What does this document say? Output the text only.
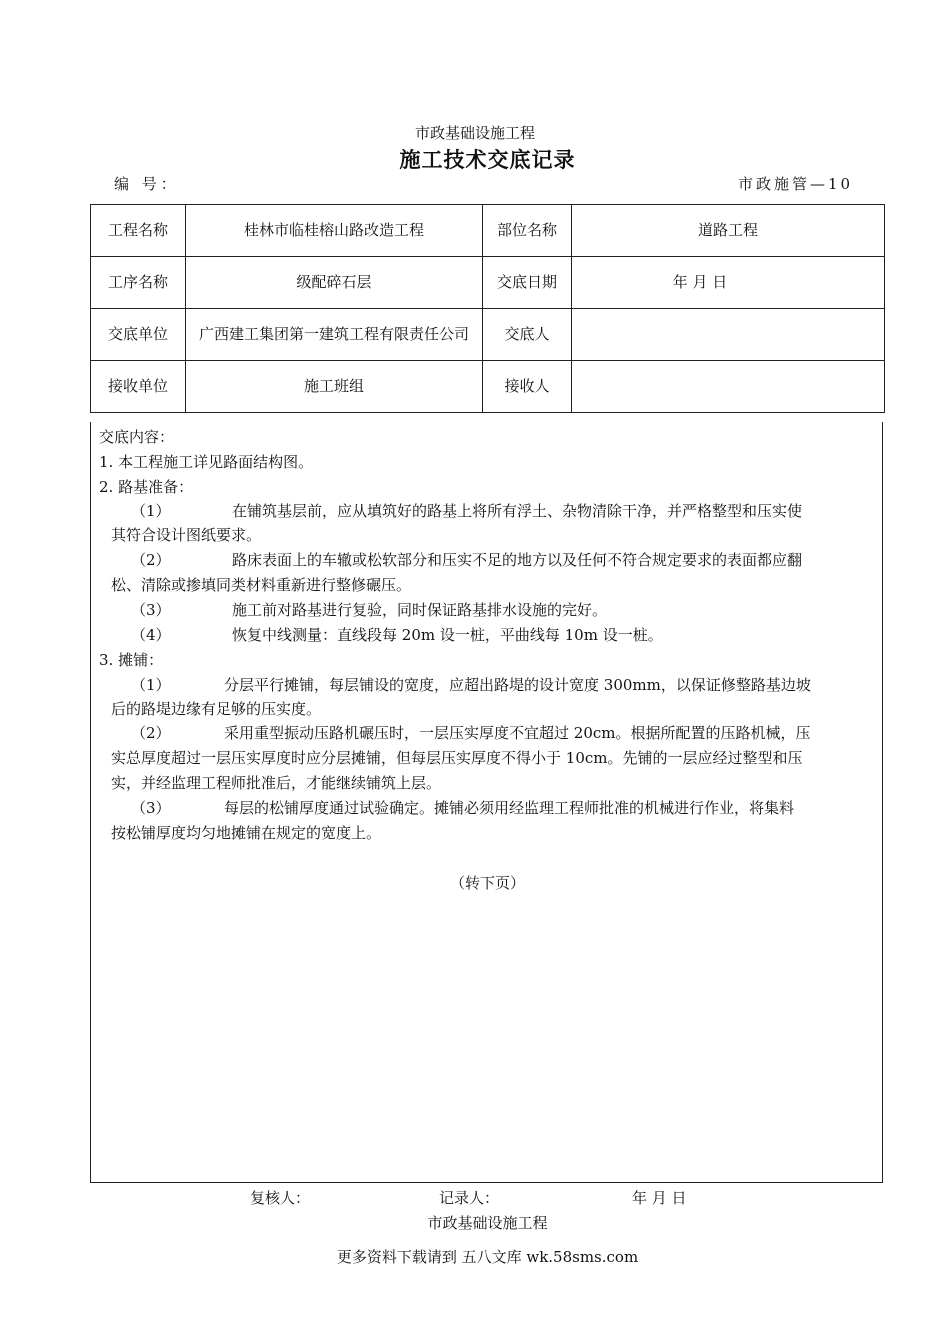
市政基础设施工程
施工技术交底记录
编 号：	市政施管—10
工程名称	桂林市临桂榕山路改造工程	部位名称	道路工程
工序名称	级配碎石层	交底日期	年 月 日
交底单位	广西建工集团第一建筑工程有限责任公司	交底人	
接收单位	施工班组	接收人	
交底内容：
1. 本工程施工详见路面结构图。
2. 路基准备：
（1）	在铺筑基层前，应从填筑好的路基上将所有浮土、杂物清除干净，并严格整型和压实使
其符合设计图纸要求。
（2）	路床表面上的车辙或松软部分和压实不足的地方以及任何不符合规定要求的表面都应翻
松、清除或掺填同类材料重新进行整修碾压。
（3）	施工前对路基进行复验，同时保证路基排水设施的完好。
（4）	恢复中线测量：直线段每 20m 设一桩，平曲线每 10m 设一桩。
3. 摊铺：
（1）	分层平行摊铺，每层铺设的宽度，应超出路堤的设计宽度 300mm，以保证修整路基边坡
后的路堤边缘有足够的压实度。
（2）	采用重型振动压路机碾压时，一层压实厚度不宜超过 20cm。根据所配置的压路机械，压
实总厚度超过一层压实厚度时应分层摊铺，但每层压实厚度不得小于 10cm。先铺的一层应经过整型和压
实，并经监理工程师批准后，才能继续铺筑上层。
（3）	每层的松铺厚度通过试验确定。摊铺必须用经监理工程师批准的机械进行作业，将集料
按松铺厚度均匀地摊铺在规定的宽度上。
（转下页）
复核人：	记录人：	年 月 日
市政基础设施工程
更多资料下载请到 五八文库 wk.58sms.com
